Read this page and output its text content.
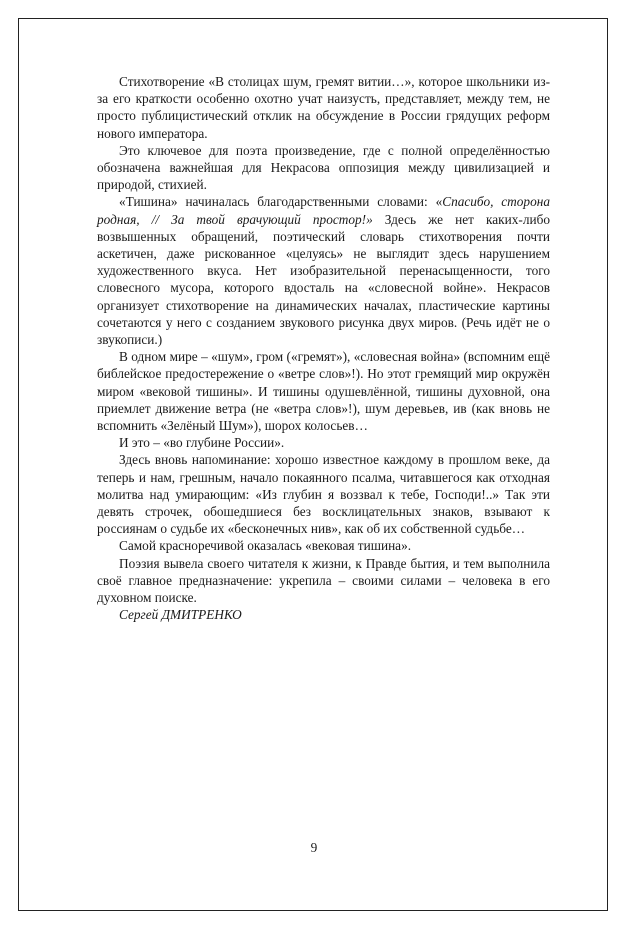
Стихотворение «В столицах шум, гремят витии…», которое школьники из-за его краткости особенно охотно учат наизусть, представляет, между тем, не просто публицистический отклик на обсуждение в России грядущих реформ нового императора.

Это ключевое для поэта произведение, где с полной определённостью обозначена важнейшая для Некрасова оппозиция между цивилизацией и природой, стихией.

«Тишина» начиналась благодарственными словами: «Спасибо, сторона родная, // За твой врачующий простор!» Здесь же нет каких-либо возвышенных обращений, поэтический словарь стихотворения почти аскетичен, даже рискованное «целуясь» не выглядит здесь нарушением художественного вкуса. Нет изобразительной перенасыщенности, того словесного мусора, которого вдосталь на «словесной войне». Некрасов организует стихотворение на динамических началах, пластические картины сочетаются у него с созданием звукового рисунка двух миров. (Речь идёт не о звукописи.)

В одном мире – «шум», гром («гремят»), «словесная война» (вспомним ещё библейское предостережение о «ветре слов»!). Но этот гремящий мир окружён миром «вековой тишины». И тишины одушевлённой, тишины духовной, она приемлет движение ветра (не «ветра слов»!), шум деревьев, ив (как вновь не вспомнить «Зелёный Шум»), шорох колосьев…

И это – «во глубине России».

Здесь вновь напоминание: хорошо известное каждому в прошлом веке, да теперь и нам, грешным, начало покаянного псалма, читавшегося как отходная молитва над умирающим: «Из глубин я воззвал к тебе, Господи!..» Так эти девять строчек, обошедшиеся без восклицательных знаков, взывают к россиянам о судьбе их «бесконечных нив», как об их собственной судьбе…

Самой красноречивой оказалась «вековая тишина».

Поэзия вывела своего читателя к жизни, к Правде бытия, и тем выполнила своё главное предназначение: укрепила – своими силами – человека в его духовном поиске.

Сергей ДМИТРЕНКО

9
